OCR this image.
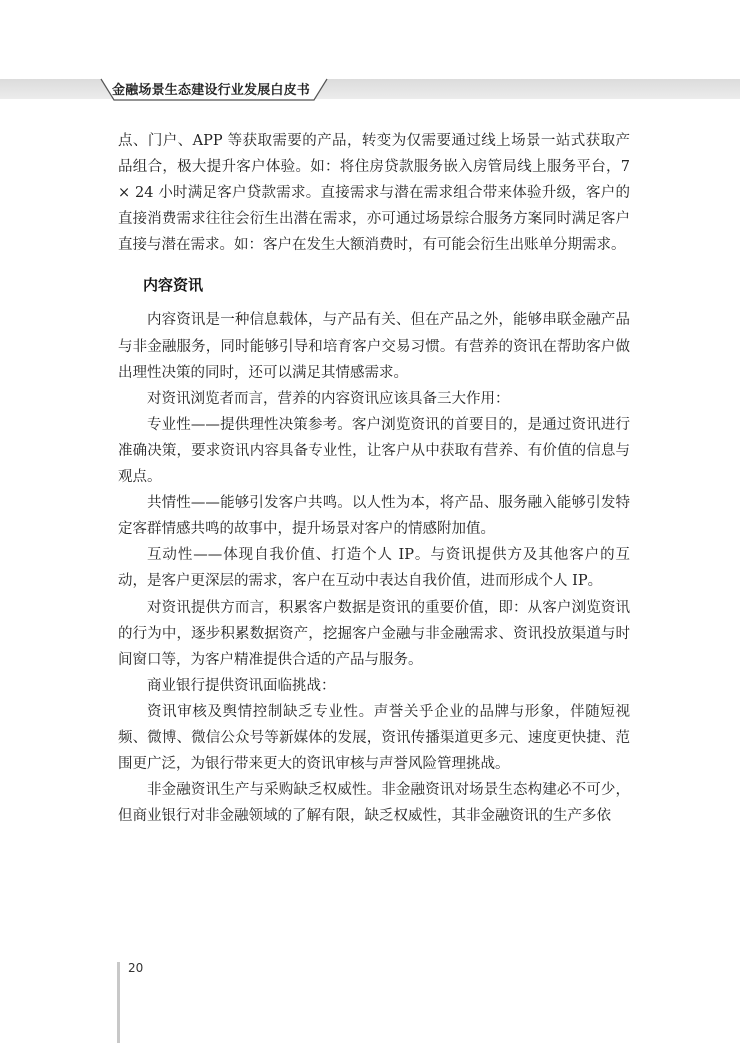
金融场景生态建设行业发展白皮书

点、门户、APP 等获取需要的产品，转变为仅需要通过线上场景一站式获取产品组合，极大提升客户体验。如：将住房贷款服务嵌入房管局线上服务平台，7 × 24 小时满足客户贷款需求。直接需求与潜在需求组合带来体验升级，客户的直接消费需求往往会衍生出潜在需求，亦可通过场景综合服务方案同时满足客户直接与潜在需求。如：客户在发生大额消费时，有可能会衍生出账单分期需求。

内容资讯

内容资讯是一种信息载体，与产品有关、但在产品之外，能够串联金融产品与非金融服务，同时能够引导和培育客户交易习惯。有营养的资讯在帮助客户做出理性决策的同时，还可以满足其情感需求。

对资讯浏览者而言，营养的内容资讯应该具备三大作用：

专业性——提供理性决策参考。客户浏览资讯的首要目的，是通过资讯进行准确决策，要求资讯内容具备专业性，让客户从中获取有营养、有价值的信息与观点。

共情性——能够引发客户共鸣。以人性为本，将产品、服务融入能够引发特定客群情感共鸣的故事中，提升场景对客户的情感附加值。

互动性——体现自我价值、打造个人 IP。与资讯提供方及其他客户的互动，是客户更深层的需求，客户在互动中表达自我价值，进而形成个人 IP。

对资讯提供方而言，积累客户数据是资讯的重要价值，即：从客户浏览资讯的行为中，逐步积累数据资产，挖掘客户金融与非金融需求、资讯投放渠道与时间窗口等，为客户精准提供合适的产品与服务。

商业银行提供资讯面临挑战：

资讯审核及舆情控制缺乏专业性。声誉关乎企业的品牌与形象，伴随短视频、微博、微信公众号等新媒体的发展，资讯传播渠道更多元、速度更快捷、范围更广泛，为银行带来更大的资讯审核与声誉风险管理挑战。

非金融资讯生产与采购缺乏权威性。非金融资讯对场景生态构建必不可少，但商业银行对非金融领域的了解有限，缺乏权威性，其非金融资讯的生产多依

20
